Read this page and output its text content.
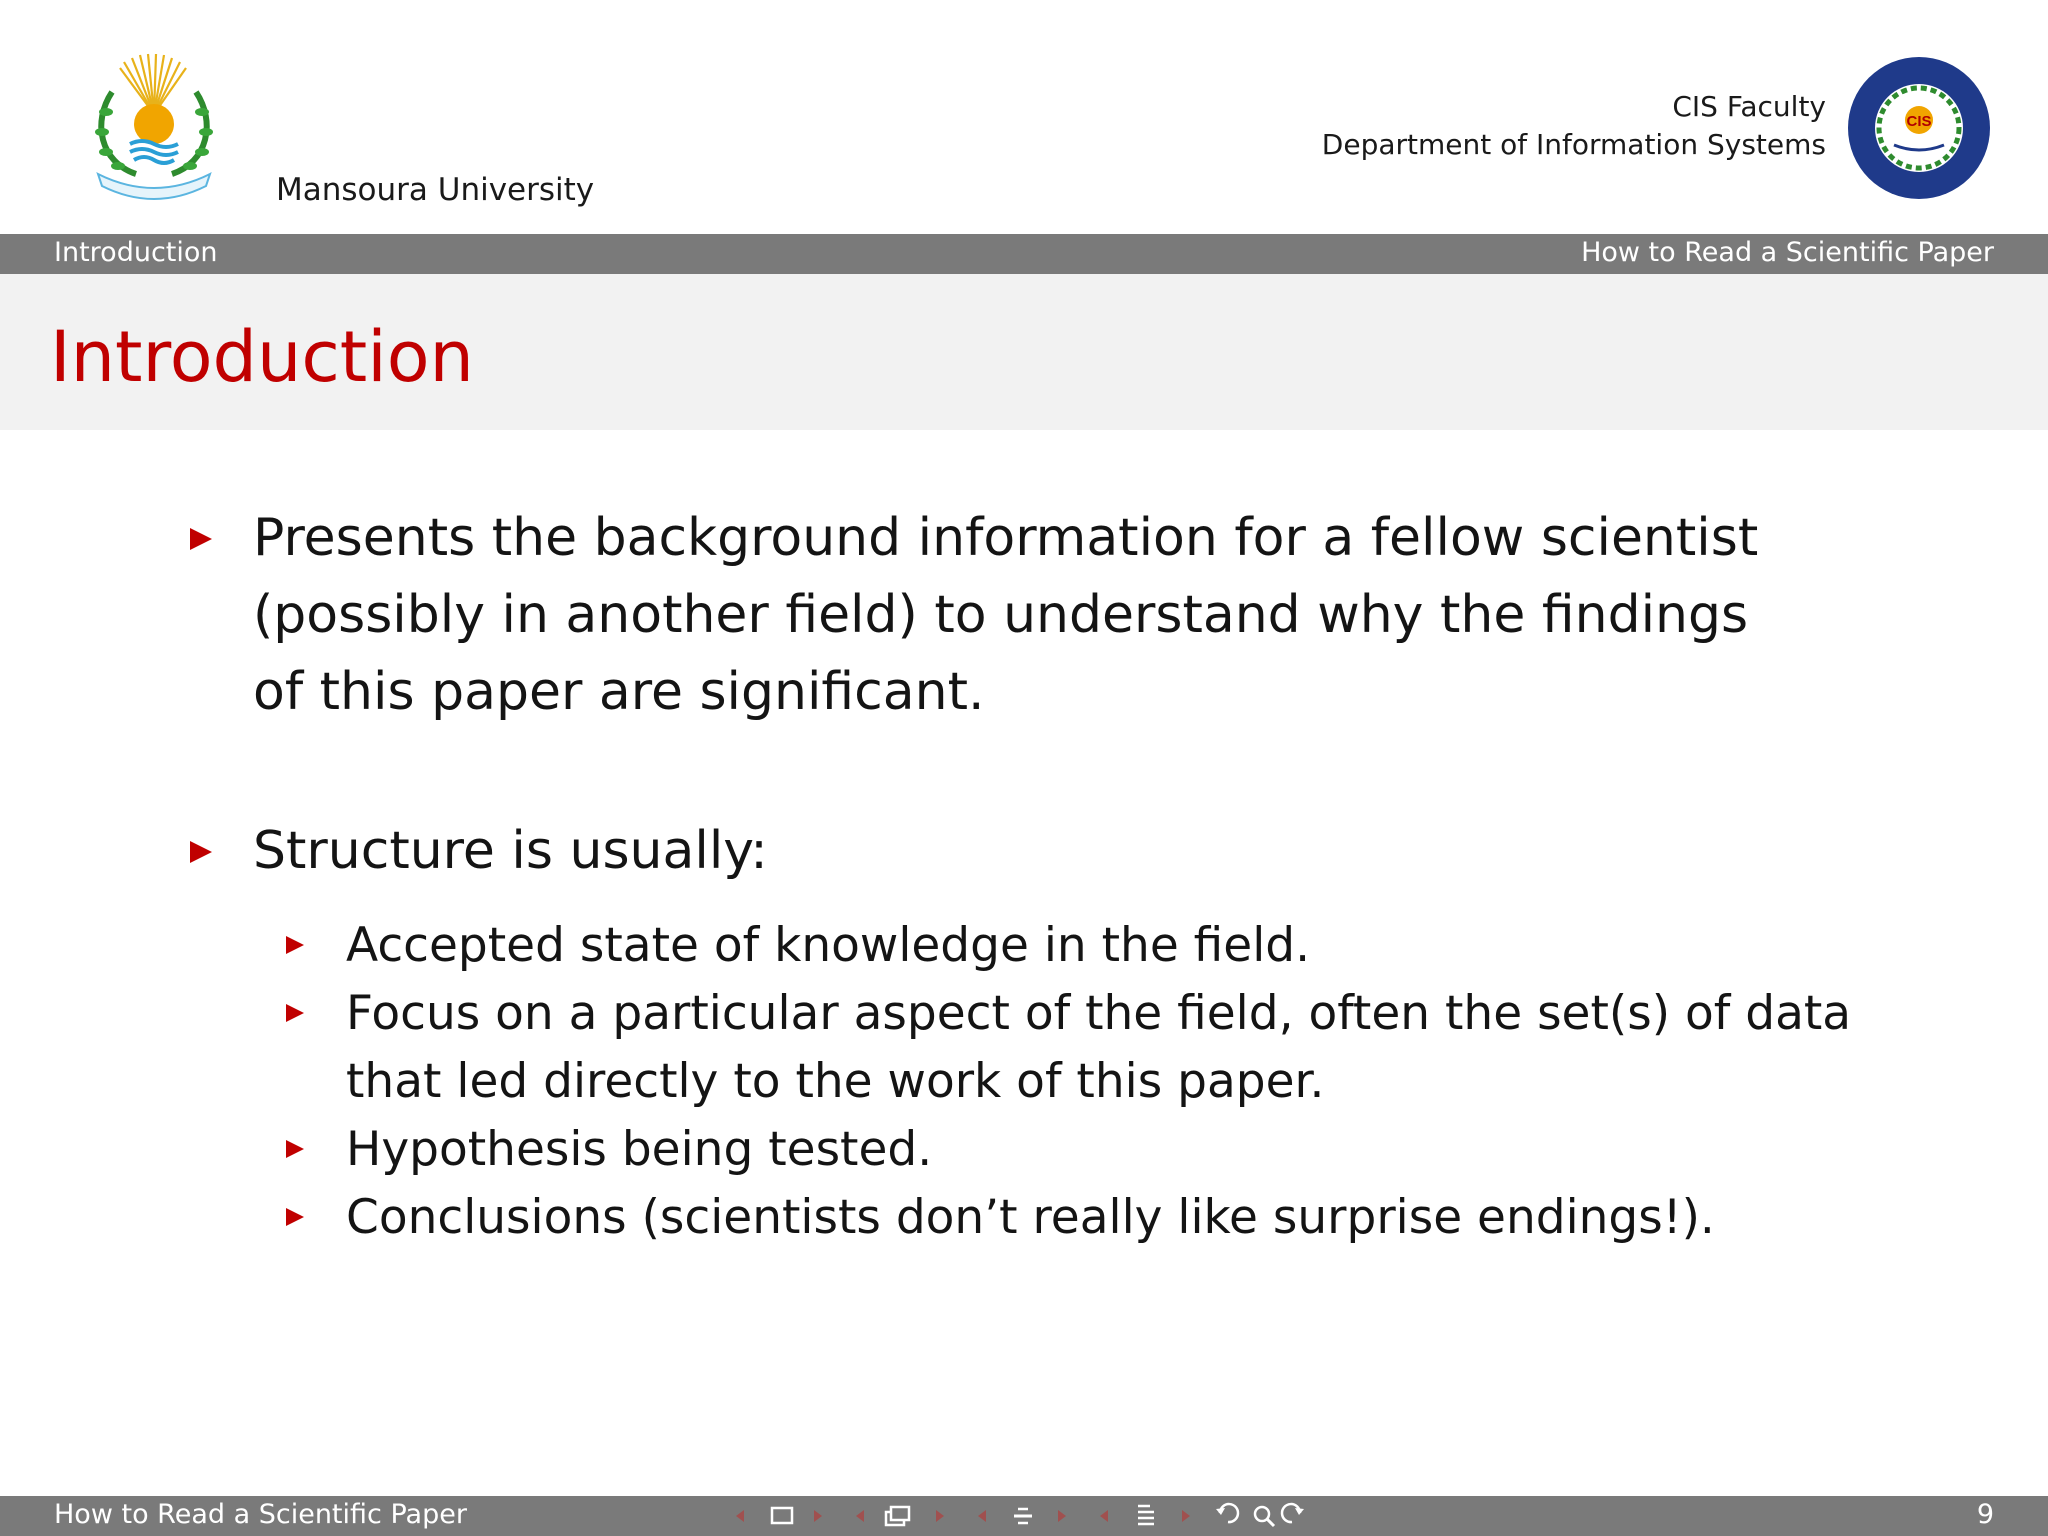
Mansoura University
CIS Faculty
Department of Information Systems
CIS
Introduction	How to Read a Scientific Paper
Introduction
Presents the background information for a fellow scientist (possibly in another field) to understand why the findings of this paper are significant.
Structure is usually:
Accepted state of knowledge in the field.
Focus on a particular aspect of the field, often the set(s) of data that led directly to the work of this paper.
Hypothesis being tested.
Conclusions (scientists don’t really like surprise endings!).
How to Read a Scientific Paper	9
